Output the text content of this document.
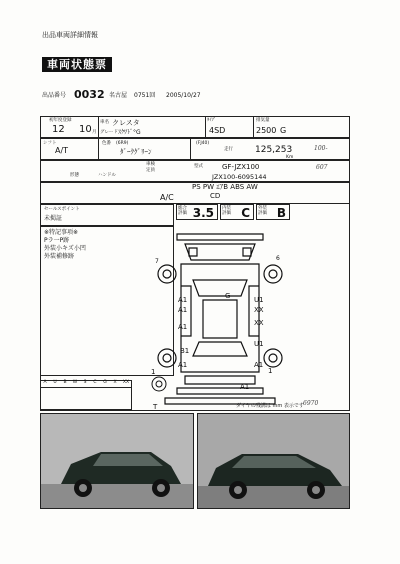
出品車両詳細情報
車両状態票
出品番号 0032 名古屋 0751回 2005/10/27
初年度登録
12 10 月
車名 クレスタ
グレード ｽｸﾜﾄﾞ°G
ﾀｲﾌﾟ
4SD
排気量
2500 G
シフト
A/T
色番 (6R9)
ﾀﾞｰｸｸﾞﾘｰﾝ
(FJ40)
走行 125,253
Km
車検
定員
ハンドル
形態
型式	GF-JZX100
JZX100-6095144
A/C
PS PW ｴｱB ABS AW
CD
総合評価 3.5 内装評価 C 外装評価 B
セールスポイント
未掲証
※特記事項※
Pラ一P跡
外装小キズ小凹
外装補修跡
7	6
G
A1
A1
U1
XX
A1	XX
B1
U1
A1	A1
A1
1	1
T
A	U	B	W	S	C	G	X	XX
ダイヤの残溝は mm 表示です
100-
607
6970
